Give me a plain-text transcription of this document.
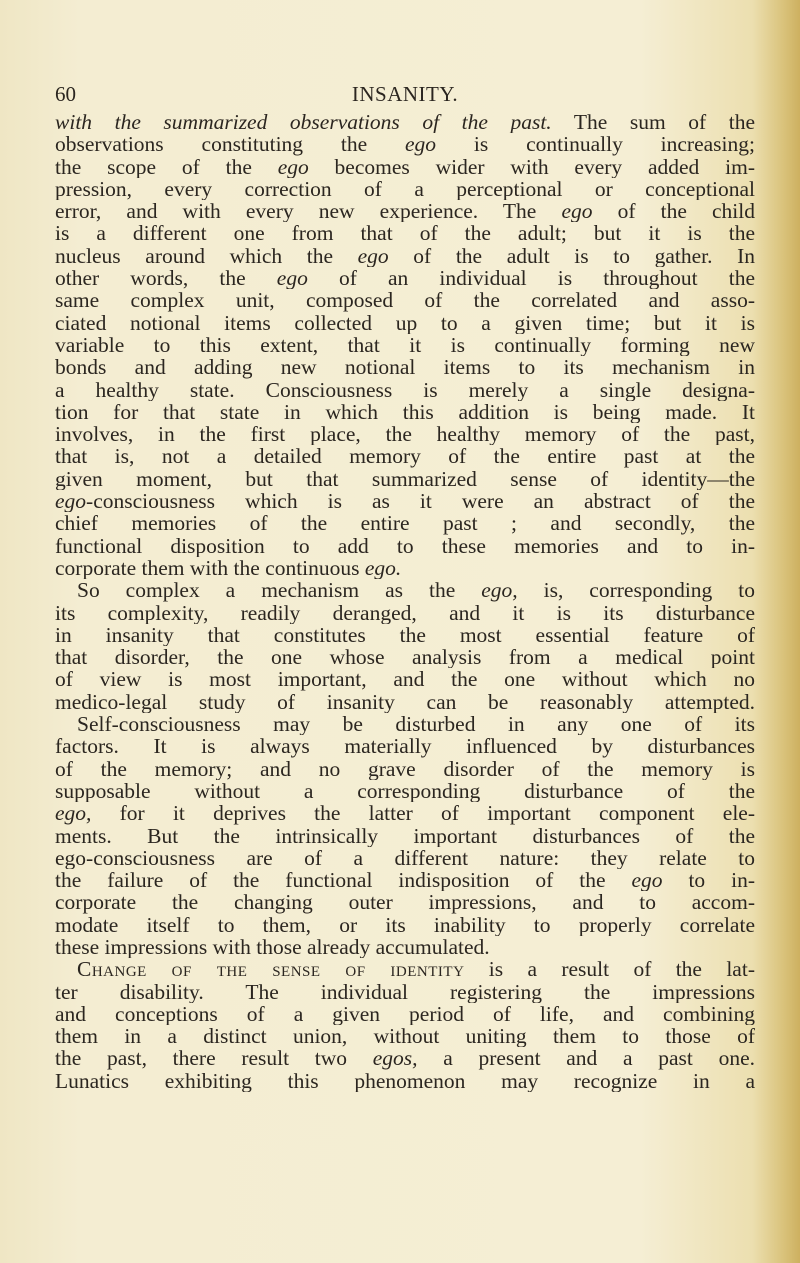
60	INSANITY.
with the summarized observations of the past. The sum of the
observations constituting the ego is continually increasing;
the scope of the ego becomes wider with every added im-
pression, every correction of a perceptional or conceptional
error, and with every new experience. The ego of the child
is a different one from that of the adult; but it is the
nucleus around which the ego of the adult is to gather. In
other words, the ego of an individual is throughout the
same complex unit, composed of the correlated and asso-
ciated notional items collected up to a given time; but it is
variable to this extent, that it is continually forming new
bonds and adding new notional items to its mechanism in
a healthy state. Consciousness is merely a single designa-
tion for that state in which this addition is being made. It
involves, in the first place, the healthy memory of the past,
that is, not a detailed memory of the entire past at the
given moment, but that summarized sense of identity—the
ego-consciousness which is as it were an abstract of the
chief memories of the entire past ; and secondly, the
functional disposition to add to these memories and to in-
corporate them with the continuous ego.
So complex a mechanism as the ego, is, corresponding to
its complexity, readily deranged, and it is its disturbance
in insanity that constitutes the most essential feature of
that disorder, the one whose analysis from a medical point
of view is most important, and the one without which no
medico-legal study of insanity can be reasonably attempted.
Self-consciousness may be disturbed in any one of its
factors. It is always materially influenced by disturbances
of the memory; and no grave disorder of the memory is
supposable without a corresponding disturbance of the
ego, for it deprives the latter of important component ele-
ments. But the intrinsically important disturbances of the
ego-consciousness are of a different nature: they relate to
the failure of the functional indisposition of the ego to in-
corporate the changing outer impressions, and to accom-
modate itself to them, or its inability to properly correlate
these impressions with those already accumulated.
Change of the sense of identity is a result of the lat-
ter disability. The individual registering the impressions
and conceptions of a given period of life, and combining
them in a distinct union, without uniting them to those of
the past, there result two egos, a present and a past one.
Lunatics exhibiting this phenomenon may recognize in a
